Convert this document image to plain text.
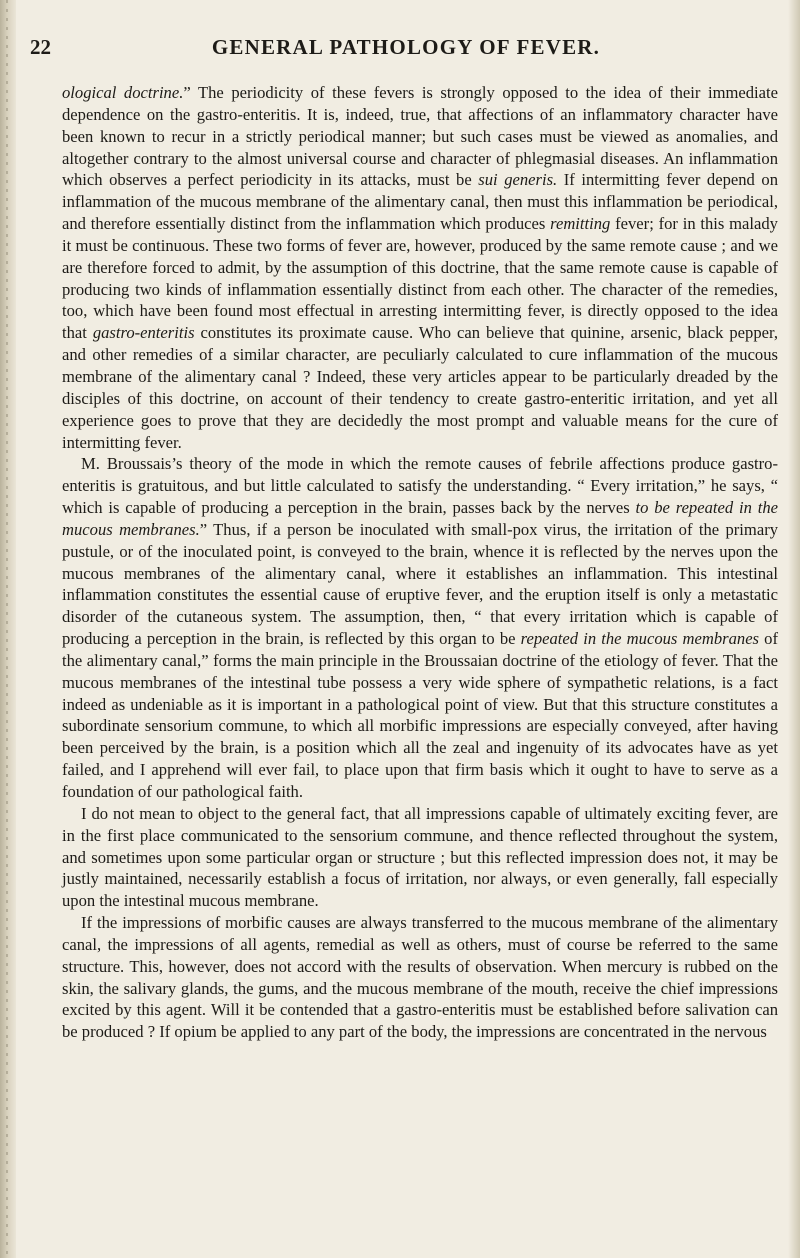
22	GENERAL PATHOLOGY OF FEVER.

ological doctrine.” The periodicity of these fevers is strongly opposed to the idea of their immediate dependence on the gastro-enteritis. It is, indeed, true, that affections of an inflammatory character have been known to recur in a strictly periodical manner; but such cases must be viewed as anomalies, and altogether contrary to the almost universal course and character of phlegmasial diseases. An inflammation which observes a perfect periodicity in its attacks, must be sui generis. If intermitting fever depend on inflammation of the mucous membrane of the alimentary canal, then must this inflammation be periodical, and therefore essentially distinct from the inflammation which produces remitting fever; for in this malady it must be continuous. These two forms of fever are, however, produced by the same remote cause ; and we are therefore forced to admit, by the assumption of this doctrine, that the same remote cause is capable of producing two kinds of inflammation essentially distinct from each other. The character of the remedies, too, which have been found most effectual in arresting intermitting fever, is directly opposed to the idea that gastro-enteritis constitutes its proximate cause. Who can believe that quinine, arsenic, black pepper, and other remedies of a similar character, are peculiarly calculated to cure inflammation of the mucous membrane of the alimentary canal ? Indeed, these very articles appear to be particularly dreaded by the disciples of this doctrine, on account of their tendency to create gastro-enteritic irritation, and yet all experience goes to prove that they are decidedly the most prompt and valuable means for the cure of intermitting fever.

M. Broussais’s theory of the mode in which the remote causes of febrile affections produce gastro-enteritis is gratuitous, and but little calculated to satisfy the understanding. “ Every irritation,” he says, “ which is capable of producing a perception in the brain, passes back by the nerves to be repeated in the mucous membranes.” Thus, if a person be inoculated with small-pox virus, the irritation of the primary pustule, or of the inoculated point, is conveyed to the brain, whence it is reflected by the nerves upon the mucous membranes of the alimentary canal, where it establishes an inflammation. This intestinal inflammation constitutes the essential cause of eruptive fever, and the eruption itself is only a metastatic disorder of the cutaneous system. The assumption, then, “ that every irritation which is capable of producing a perception in the brain, is reflected by this organ to be repeated in the mucous membranes of the alimentary canal,” forms the main principle in the Broussaian doctrine of the etiology of fever. That the mucous membranes of the intestinal tube possess a very wide sphere of sympathetic relations, is a fact indeed as undeniable as it is important in a pathological point of view. But that this structure constitutes a subordinate sensorium commune, to which all morbific impressions are especially conveyed, after having been perceived by the brain, is a position which all the zeal and ingenuity of its advocates have as yet failed, and I apprehend will ever fail, to place upon that firm basis which it ought to have to serve as a foundation of our pathological faith.

I do not mean to object to the general fact, that all impressions capable of ultimately exciting fever, are in the first place communicated to the sensorium commune, and thence reflected throughout the system, and sometimes upon some particular organ or structure ; but this reflected impression does not, it may be justly maintained, necessarily establish a focus of irritation, nor always, or even generally, fall especially upon the intestinal mucous membrane.

If the impressions of morbific causes are always transferred to the mucous membrane of the alimentary canal, the impressions of all agents, remedial as well as others, must of course be referred to the same structure. This, however, does not accord with the results of observation. When mercury is rubbed on the skin, the salivary glands, the gums, and the mucous membrane of the mouth, receive the chief impressions excited by this agent. Will it be contended that a gastro-enteritis must be established before salivation can be produced ? If opium be applied to any part of the body, the impressions are concentrated in the nervous
